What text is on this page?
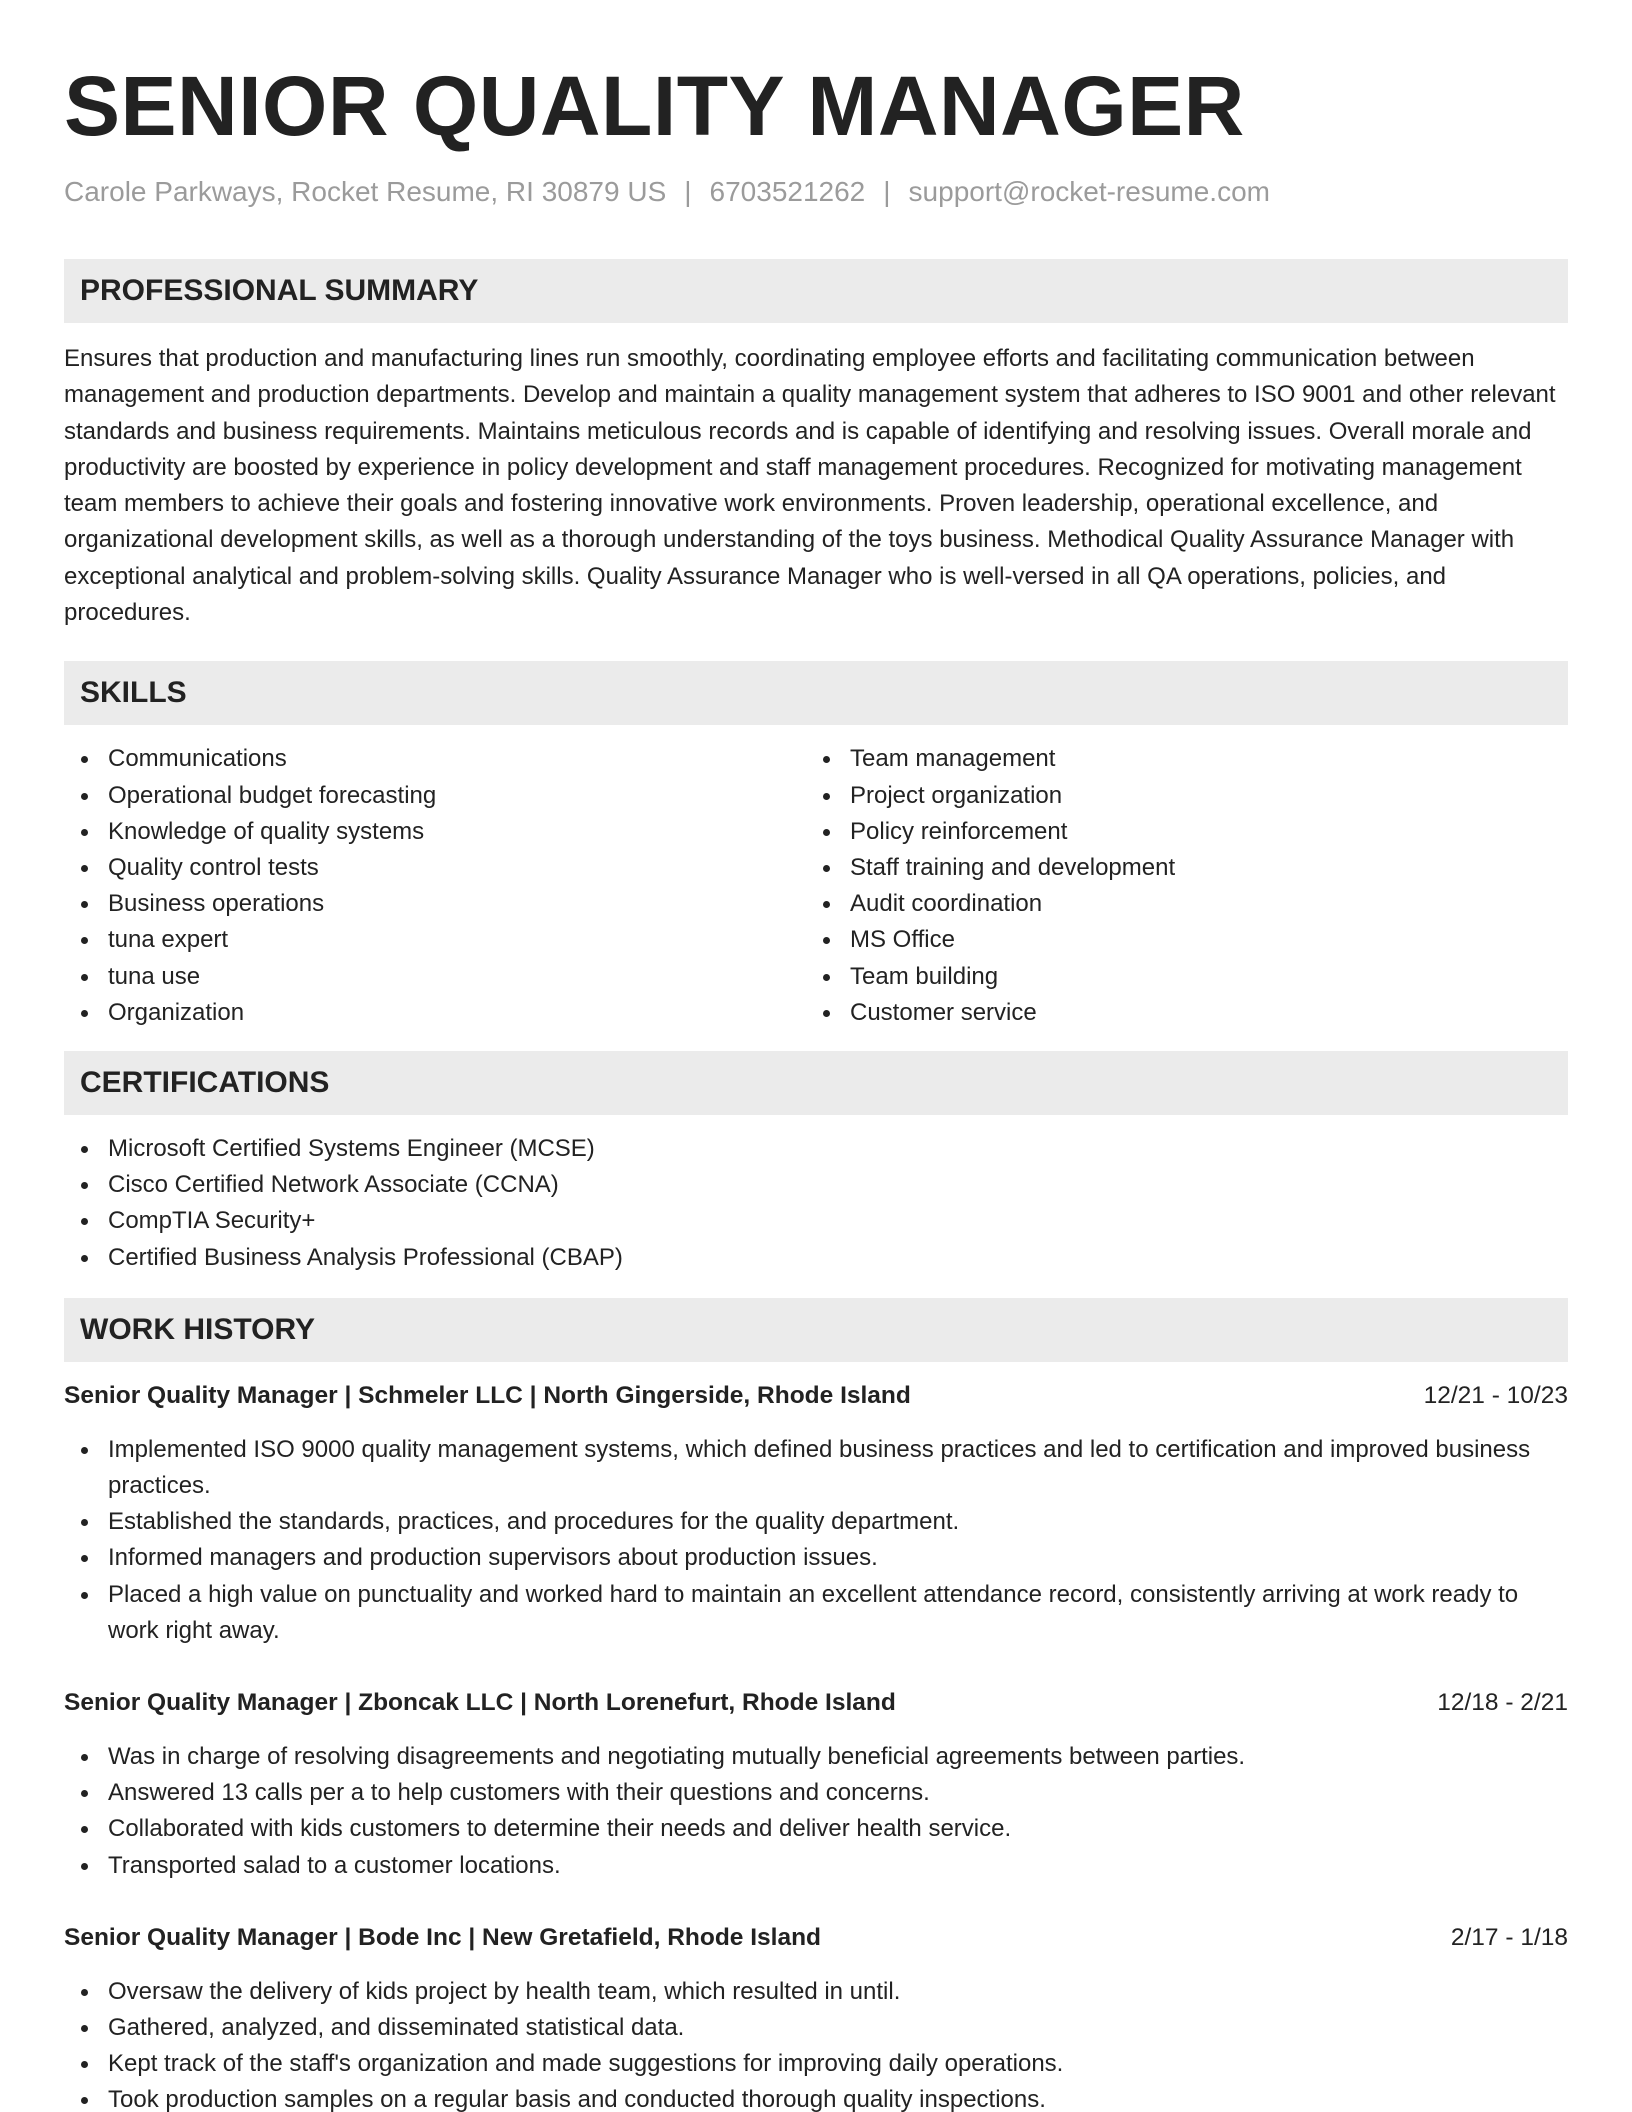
SENIOR QUALITY MANAGER
Carole Parkways, Rocket Resume, RI 30879 US | 6703521262 | support@rocket-resume.com
PROFESSIONAL SUMMARY

Ensures that production and manufacturing lines run smoothly, coordinating employee efforts and facilitating communication between management and production departments. Develop and maintain a quality management system that adheres to ISO 9001 and other relevant standards and business requirements. Maintains meticulous records and is capable of identifying and resolving issues. Overall morale and productivity are boosted by experience in policy development and staff management procedures. Recognized for motivating management team members to achieve their goals and fostering innovative work environments. Proven leadership, operational excellence, and organizational development skills, as well as a thorough understanding of the toys business. Methodical Quality Assurance Manager with exceptional analytical and problem-solving skills. Quality Assurance Manager who is well-versed in all QA operations, policies, and procedures.

SKILLS
Communications
Operational budget forecasting
Knowledge of quality systems
Quality control tests
Business operations
tuna expert
tuna use
Organization
Team management
Project organization
Policy reinforcement
Staff training and development
Audit coordination
MS Office
Team building
Customer service
CERTIFICATIONS
Microsoft Certified Systems Engineer (MCSE)
Cisco Certified Network Associate (CCNA)
CompTIA Security+
Certified Business Analysis Professional (CBAP)
WORK HISTORY
Senior Quality Manager | Schmeler LLC | North Gingerside, Rhode Island	12/21 - 10/23
Implemented ISO 9000 quality management systems, which defined business practices and led to certification and improved business practices.
Established the standards, practices, and procedures for the quality department.
Informed managers and production supervisors about production issues.
Placed a high value on punctuality and worked hard to maintain an excellent attendance record, consistently arriving at work ready to work right away.
Senior Quality Manager | Zboncak LLC | North Lorenefurt, Rhode Island	12/18 - 2/21
Was in charge of resolving disagreements and negotiating mutually beneficial agreements between parties.
Answered 13 calls per a to help customers with their questions and concerns.
Collaborated with kids customers to determine their needs and deliver health service.
Transported salad to a customer locations.
Senior Quality Manager | Bode Inc | New Gretafield, Rhode Island	2/17 - 1/18
Oversaw the delivery of kids project by health team, which resulted in until.
Gathered, analyzed, and disseminated statistical data.
Kept track of the staff's organization and made suggestions for improving daily operations.
Took production samples on a regular basis and conducted thorough quality inspections.
